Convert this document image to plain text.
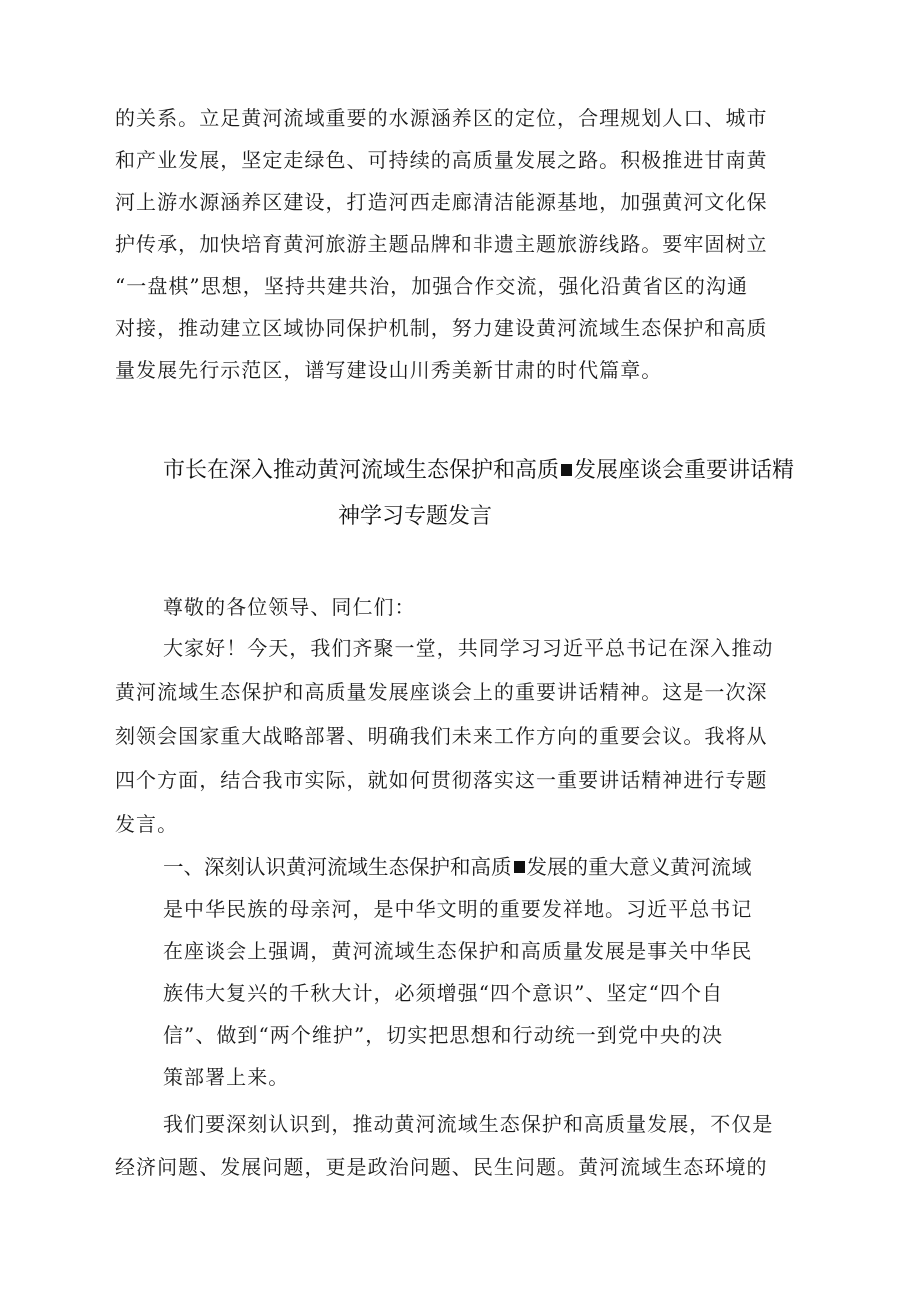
的关系。立足黄河流域重要的水源涵养区的定位，合理规划人口、城市
和产业发展，坚定走绿色、可持续的高质量发展之路。积极推进甘南黄
河上游水源涵养区建设，打造河西走廊清洁能源基地，加强黄河文化保
护传承，加快培育黄河旅游主题品牌和非遗主题旅游线路。要牢固树立
“一盘棋”思想，坚持共建共治，加强合作交流，强化沿黄省区的沟通
对接，推动建立区域协同保护机制，努力建设黄河流域生态保护和高质
量发展先行示范区，谱写建设山川秀美新甘肃的时代篇章。
市长在深入推动黄河流域生态保护和高质 发展座谈会重要讲话精
神学习专题发言
尊敬的各位领导、同仁们：
大家好！今天，我们齐聚一堂，共同学习习近平总书记在深入推动
黄河流域生态保护和高质量发展座谈会上的重要讲话精神。这是一次深
刻领会国家重大战略部署、明确我们未来工作方向的重要会议。我将从
四个方面，结合我市实际，就如何贯彻落实这一重要讲话精神进行专题
发言。
一、深刻认识黄河流域生态保护和高质 发展的重大意义黄河流域
是中华民族的母亲河，是中华文明的重要发祥地。习近平总书记
在座谈会上强调，黄河流域生态保护和高质量发展是事关中华民
族伟大复兴的千秋大计，必须增强“四个意识”、坚定“四个自
信”、做到“两个维护”，切实把思想和行动统一到党中央的决
策部署上来。
我们要深刻认识到，推动黄河流域生态保护和高质量发展，不仅是
经济问题、发展问题，更是政治问题、民生问题。黄河流域生态环境的
